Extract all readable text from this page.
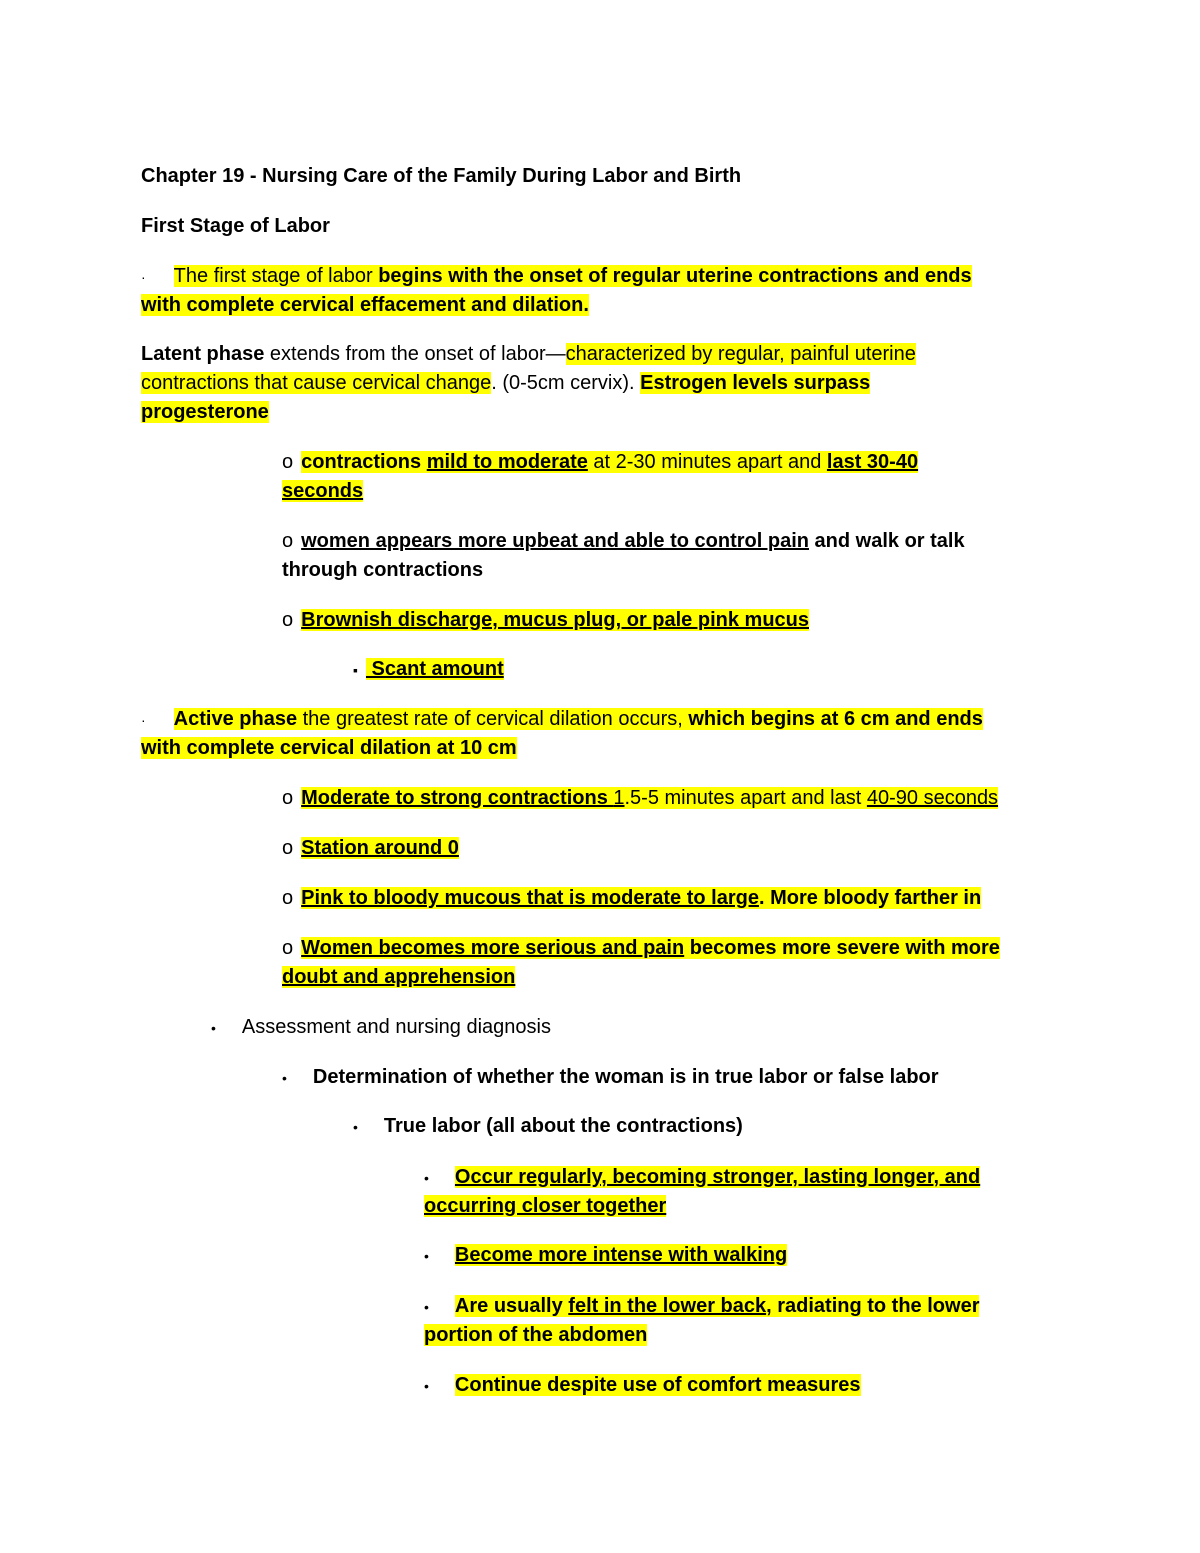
Chapter 19 - Nursing Care of the Family During Labor and Birth
First Stage of Labor
· The first stage of labor begins with the onset of regular uterine contractions and ends
with complete cervical effacement and dilation.
Latent phase extends from the onset of labor—characterized by regular, painful uterine
contractions that cause cervical change. (0-5cm cervix). Estrogen levels surpass
progesterone
o contractions mild to moderate at 2-30 minutes apart and last 30-40
seconds
o women appears more upbeat and able to control pain and walk or talk
through contractions
o Brownish discharge, mucus plug, or pale pink mucus
▪ Scant amount
· Active phase the greatest rate of cervical dilation occurs, which begins at 6 cm and ends
with complete cervical dilation at 10 cm
o Moderate to strong contractions 1.5-5 minutes apart and last 40-90 seconds
o Station around 0
o Pink to bloody mucous that is moderate to large. More bloody farther in
o Women becomes more serious and pain becomes more severe with more
doubt and apprehension
• Assessment and nursing diagnosis
• Determination of whether the woman is in true labor or false labor
• True labor (all about the contractions)
• Occur regularly, becoming stronger, lasting longer, and
occurring closer together
• Become more intense with walking
• Are usually felt in the lower back, radiating to the lower
portion of the abdomen
• Continue despite use of comfort measures
